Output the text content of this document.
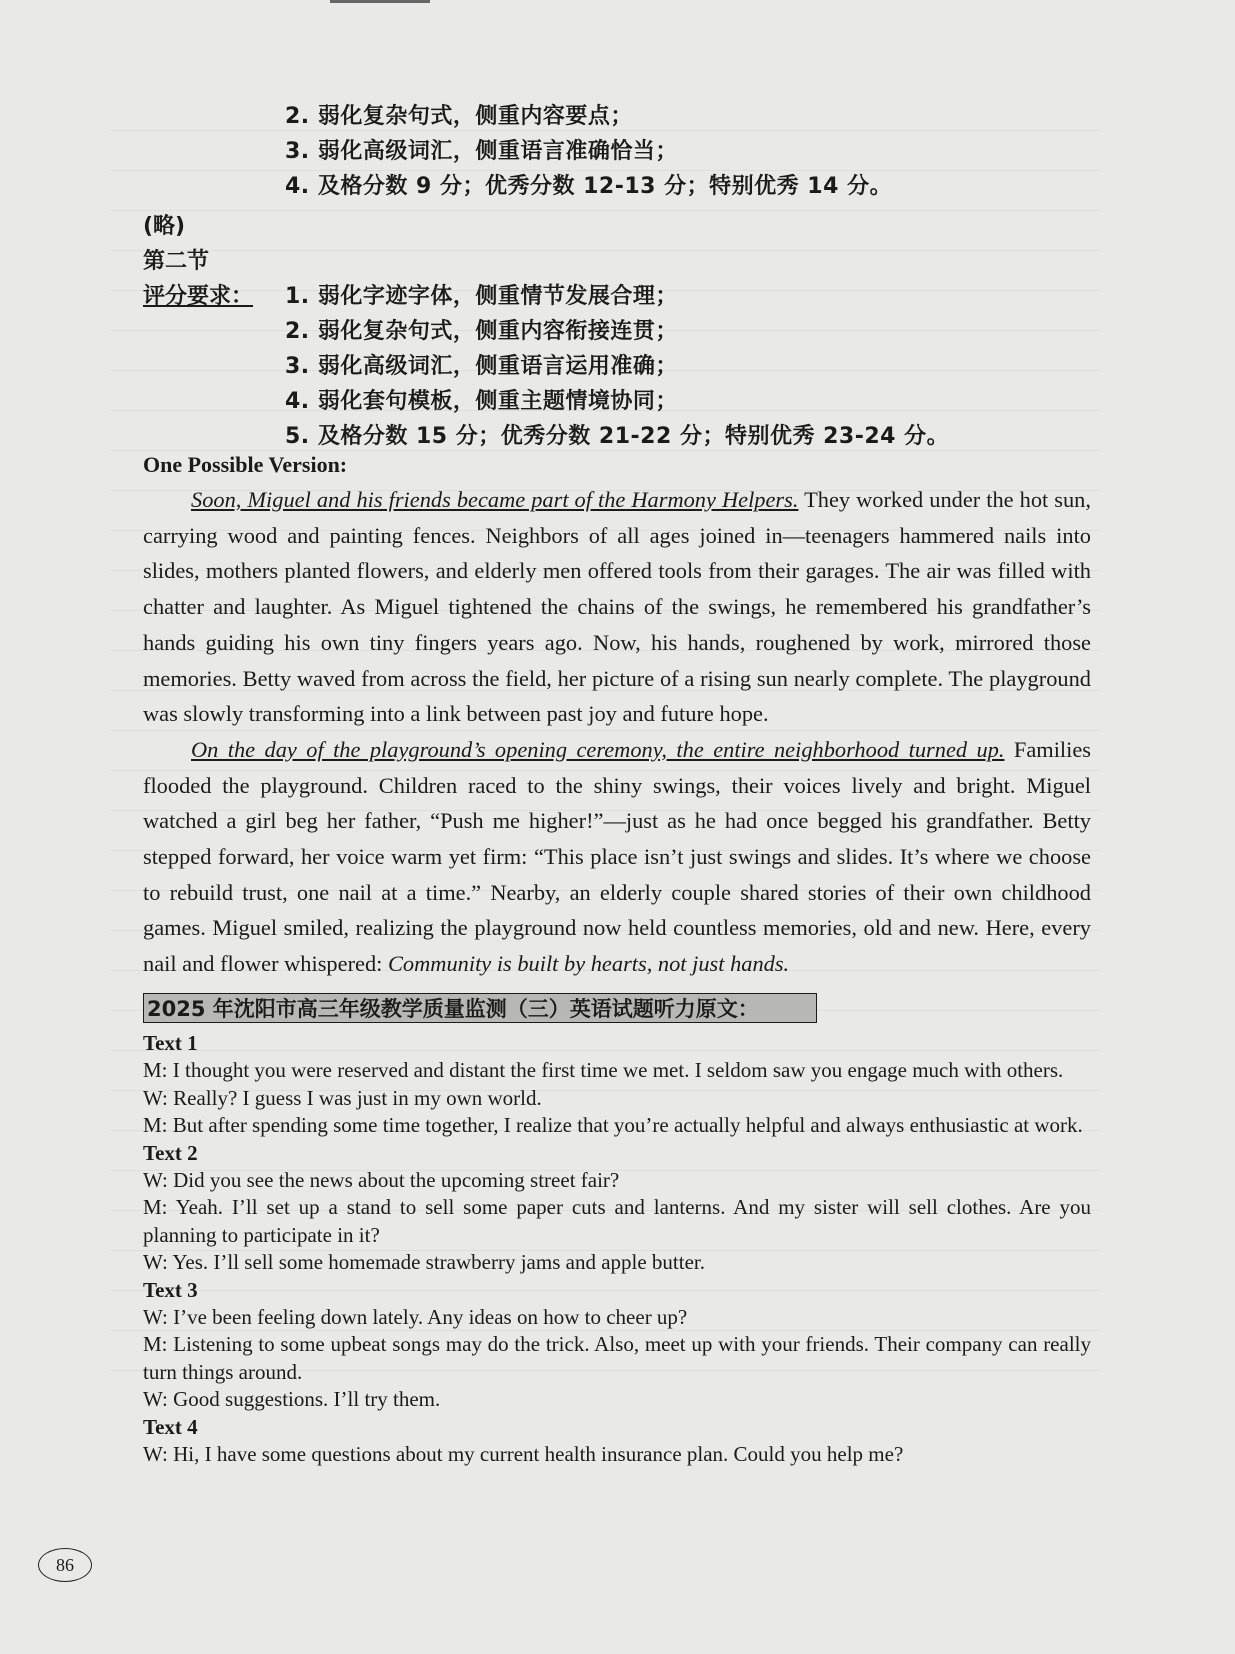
2. 弱化复杂句式，侧重内容要点；
3. 弱化高级词汇，侧重语言准确恰当；
4. 及格分数 9 分；优秀分数 12-13 分；特别优秀 14 分。
(略)
第二节
评分要求： 1. 弱化字迹字体，侧重情节发展合理；
2. 弱化复杂句式，侧重内容衔接连贯；
3. 弱化高级词汇，侧重语言运用准确；
4. 弱化套句模板，侧重主题情境协同；
5. 及格分数 15 分；优秀分数 21-22 分；特别优秀 23-24 分。
One Possible Version:

Soon, Miguel and his friends became part of the Harmony Helpers. They worked under the hot sun, carrying wood and painting fences. Neighbors of all ages joined in—teenagers hammered nails into slides, mothers planted flowers, and elderly men offered tools from their garages. The air was filled with chatter and laughter. As Miguel tightened the chains of the swings, he remembered his grandfather’s hands guiding his own tiny fingers years ago. Now, his hands, roughened by work, mirrored those memories. Betty waved from across the field, her picture of a rising sun nearly complete. The playground was slowly transforming into a link between past joy and future hope.

On the day of the playground’s opening ceremony, the entire neighborhood turned up. Families flooded the playground. Children raced to the shiny swings, their voices lively and bright. Miguel watched a girl beg her father, “Push me higher!”—just as he had once begged his grandfather. Betty stepped forward, her voice warm yet firm: “This place isn’t just swings and slides. It’s where we choose to rebuild trust, one nail at a time.” Nearby, an elderly couple shared stories of their own childhood games. Miguel smiled, realizing the playground now held countless memories, old and new. Here, every nail and flower whispered: Community is built by hearts, not just hands.

2025 年沈阳市高三年级教学质量监测（三）英语试题听力原文：
Text 1
M: I thought you were reserved and distant the first time we met. I seldom saw you engage much with others.
W: Really? I guess I was just in my own world.
M: But after spending some time together, I realize that you’re actually helpful and always enthusiastic at work.
Text 2
W: Did you see the news about the upcoming street fair?
M: Yeah. I’ll set up a stand to sell some paper cuts and lanterns. And my sister will sell clothes. Are you planning to participate in it?
W: Yes. I’ll sell some homemade strawberry jams and apple butter.
Text 3
W: I’ve been feeling down lately. Any ideas on how to cheer up?
M: Listening to some upbeat songs may do the trick. Also, meet up with your friends. Their company can really turn things around.
W: Good suggestions. I’ll try them.
Text 4
W: Hi, I have some questions about my current health insurance plan. Could you help me?
86
